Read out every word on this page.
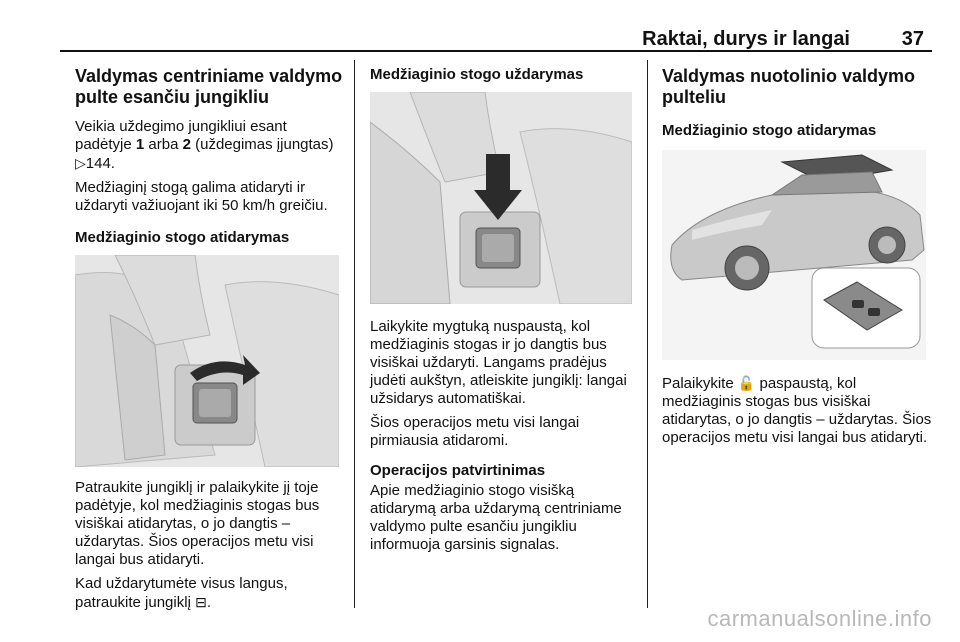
Raktai, durys ir langai	37
Valdymas centriniame valdymo pulte esančiu jungikliu
Veikia uždegimo jungikliui esant padėtyje 1 arba 2 (uždegimas įjungtas) ▷144.
Medžiaginį stogą galima atidaryti ir uždaryti važiuojant iki 50 km/h greičiu.
Medžiaginio stogo atidarymas
Patraukite jungiklį ir palaikykite jį toje padėtyje, kol medžiaginis stogas bus visiškai atidarytas, o jo dangtis – uždarytas. Šios operacijos metu visi langai bus atidaryti.
Kad uždarytumėte visus langus, patraukite jungiklį ⊟.
Medžiaginio stogo uždarymas
Laikykite mygtuką nuspaustą, kol medžiaginis stogas ir jo dangtis bus visiškai uždaryti. Langams pradėjus judėti aukštyn, atleiskite jungiklį: langai užsidarys automatiškai.
Šios operacijos metu visi langai pirmiausia atidaromi.
Operacijos patvirtinimas
Apie medžiaginio stogo visišką atidarymą arba uždarymą centriniame valdymo pulte esančiu jungikliu informuoja garsinis signalas.
Valdymas nuotolinio valdymo pulteliu
Medžiaginio stogo atidarymas
Palaikykite 🔓 paspaustą, kol medžiaginis stogas bus visiškai atidarytas, o jo dangtis – uždarytas. Šios operacijos metu visi langai bus atidaryti.
carmanualsonline.info
